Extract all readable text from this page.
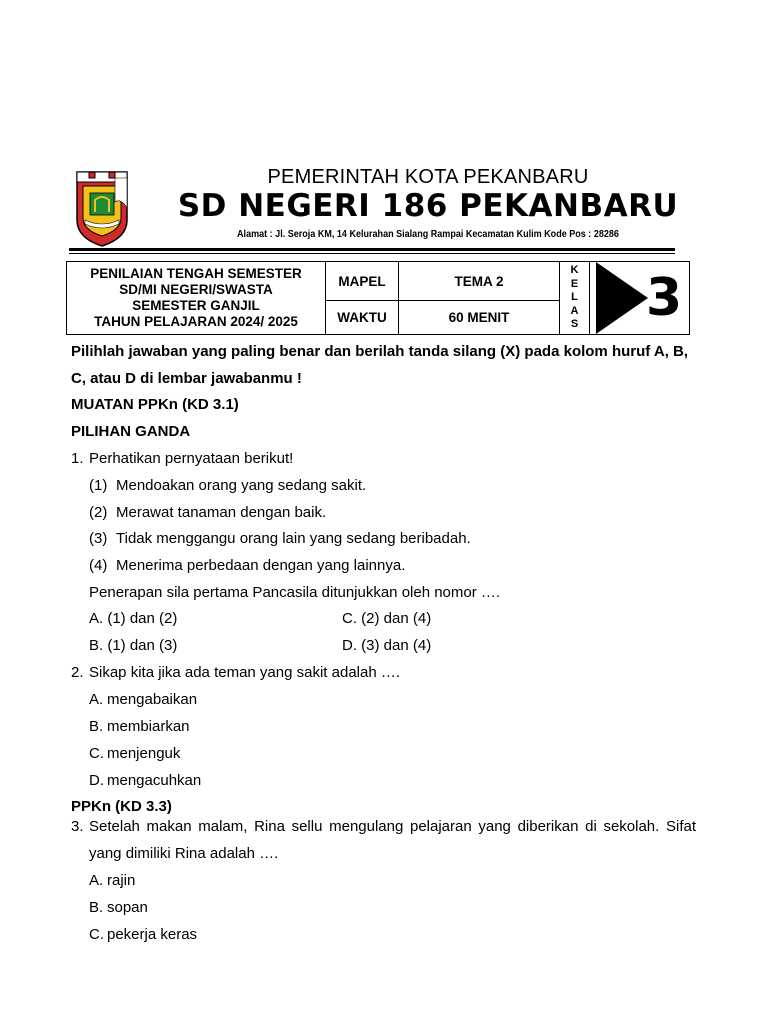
PEMERINTAH KOTA PEKANBARU
SD NEGERI 186 PEKANBARU
Alamat : Jl. Seroja KM, 14 Kelurahan Sialang Rampai Kecamatan Kulim Kode Pos : 28286
PENILAIAN TENGAH SEMESTER
SD/MI NEGERI/SWASTA
SEMESTER GANJIL
TAHUN PELAJARAN 2024/ 2025
MAPEL	TEMA 2
WAKTU	60 MENIT
K
E
L
A
S 3
Pilihlah jawaban yang paling benar dan berilah tanda silang (X) pada kolom huruf A, B,
C, atau D di lembar jawabanmu !
MUATAN PPKn (KD 3.1)
PILIHAN GANDA
1. Perhatikan pernyataan berikut!
(1) Mendoakan orang yang sedang sakit.
(2) Merawat tanaman dengan baik.
(3) Tidak menggangu orang lain yang sedang beribadah.
(4) Menerima perbedaan dengan yang lainnya.
Penerapan sila pertama Pancasila ditunjukkan oleh nomor ….
A. (1) dan (2)	C. (2) dan (4)
B. (1) dan (3)	D. (3) dan (4)
2. Sikap kita jika ada teman yang sakit adalah ….
A. mengabaikan
B. membiarkan
C. menjenguk
D. mengacuhkan
PPKn (KD 3.3)
3. Setelah makan malam, Rina sellu mengulang pelajaran yang diberikan di sekolah. Sifat
yang dimiliki Rina adalah ….
A. rajin
B. sopan
C. pekerja keras
